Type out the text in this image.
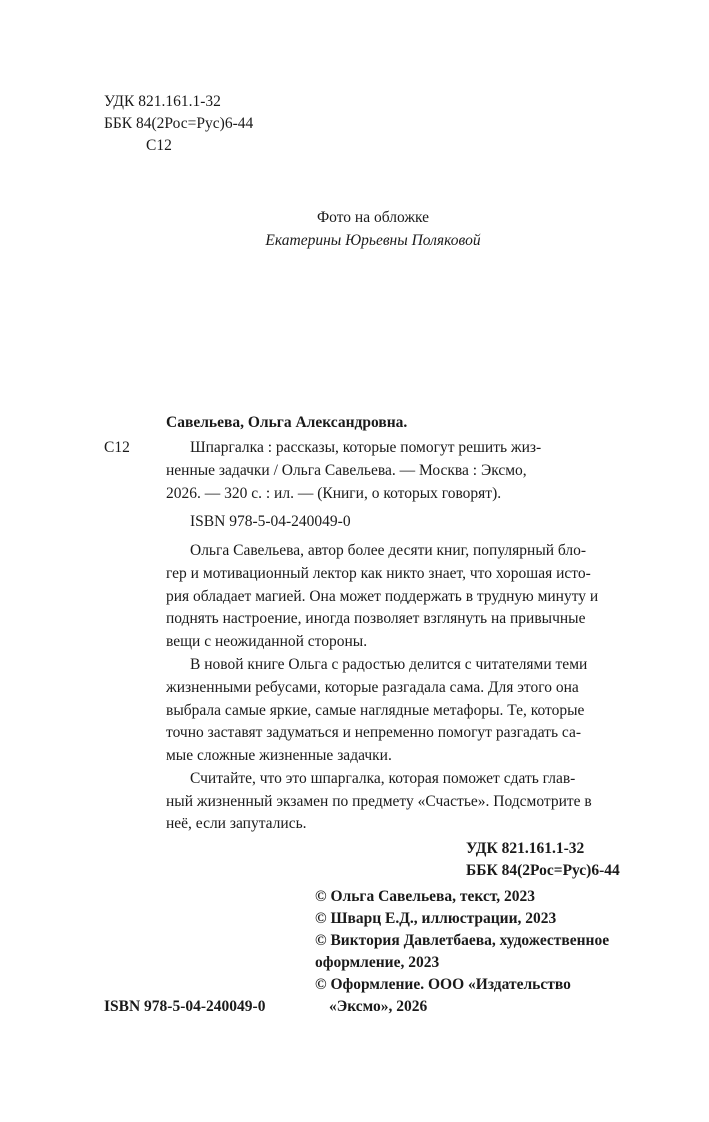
УДК 821.161.1-32
ББК 84(2Рос=Рус)6-44
С12
Фото на обложке
Екатерины Юрьевны Поляковой
Савельева, Ольга Александровна.
С12	Шпаргалка : рассказы, которые помогут решить жиз-
ненные задачки / Ольга Савельева. — Москва : Эксмо,
2026. — 320 с. : ил. — (Книги, о которых говорят).
ISBN 978-5-04-240049-0
Ольга Савельева, автор более десяти книг, популярный бло-
гер и мотивационный лектор как никто знает, что хорошая исто-
рия обладает магией. Она может поддержать в трудную минуту и
поднять настроение, иногда позволяет взглянуть на привычные
вещи с неожиданной стороны.
В новой книге Ольга с радостью делится с читателями теми
жизненными ребусами, которые разгадала сама. Для этого она
выбрала самые яркие, самые наглядные метафоры. Те, которые
точно заставят задуматься и непременно помогут разгадать са-
мые сложные жизненные задачки.
Считайте, что это шпаргалка, которая поможет сдать глав-
ный жизненный экзамен по предмету «Счастье». Подсмотрите в
неё, если запутались.
УДК 821.161.1-32
ББК 84(2Рос=Рус)6-44
© Ольга Савельева, текст, 2023
© Шварц Е.Д., иллюстрации, 2023
© Виктория Давлетбаева, художественное
оформление, 2023
© Оформление. ООО «Издательство
«Эксмо», 2026
ISBN 978-5-04-240049-0
